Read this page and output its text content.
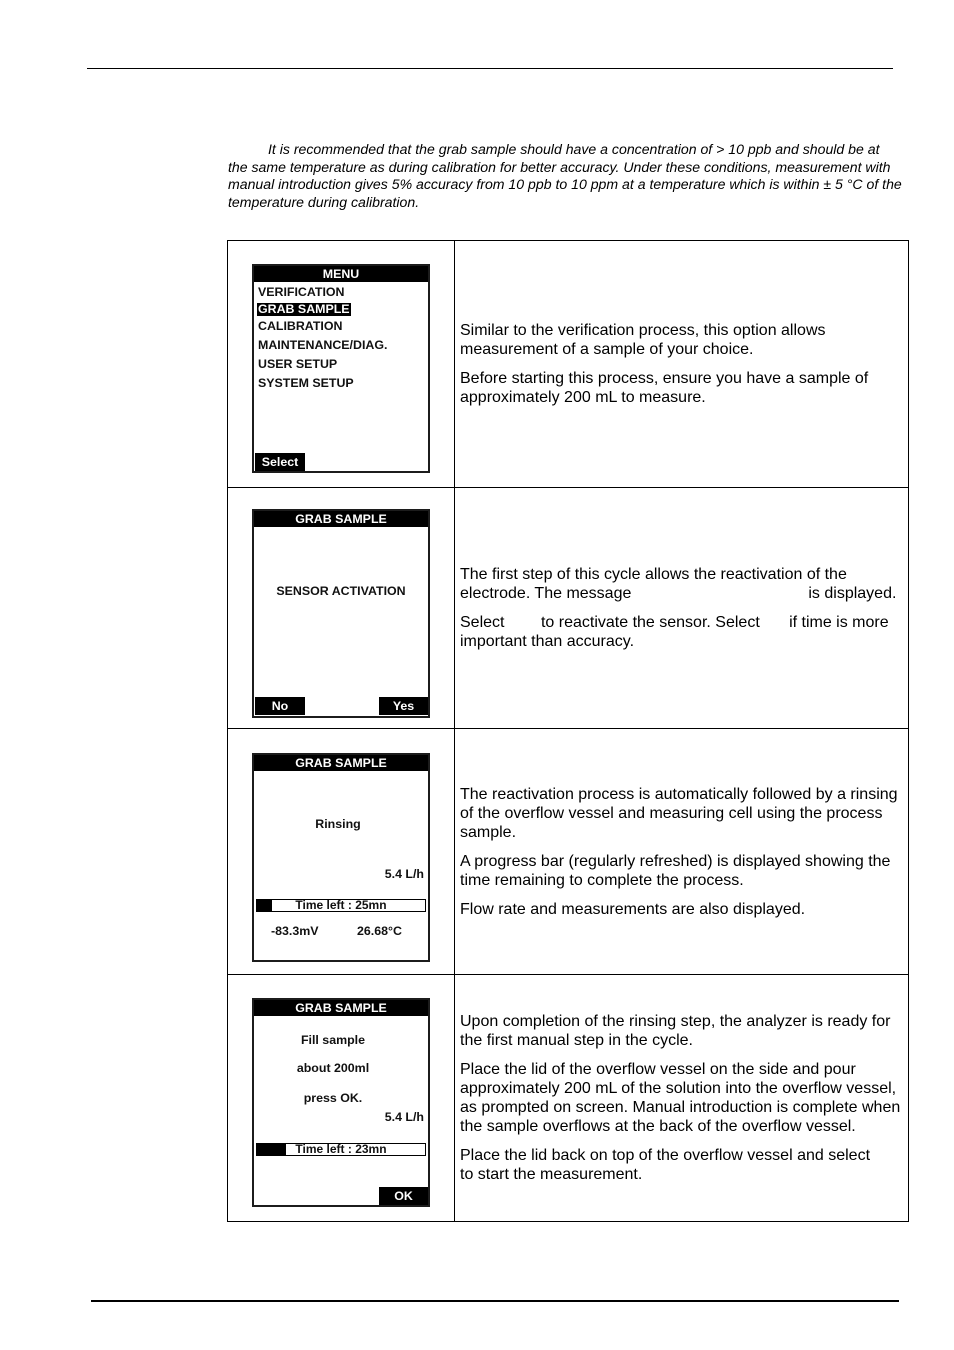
It is recommended that the grab sample should have a concentration of > 10 ppb and should be at
the same temperature as during calibration for better accuracy. Under these conditions, measurement with
manual introduction gives 5% accuracy from 10 ppb to 10 ppm at a temperature which is within ± 5 °C of the
temperature during calibration.
MENU
VERIFICATION
GRAB SAMPLE
CALIBRATION
MAINTENANCE/DIAG.
USER SETUP
SYSTEM SETUP
Select

Similar to the verification process, this option allows
measurement of a sample of your choice.

Before starting this process, ensure you have a sample of
approximately 200 mL to measure.

GRAB SAMPLE
SENSOR ACTIVATION
No	Yes

The first step of this cycle allows the reactivation of the
electrode. The message	is displayed.

Select to reactivate the sensor. Select if time is more
important than accuracy.

GRAB SAMPLE
Rinsing
5.4 L/h
Time left : 25mn
-83.3mV	26.68°C

The reactivation process is automatically followed by a rinsing
of the overflow vessel and measuring cell using the process
sample.

A progress bar (regularly refreshed) is displayed showing the
time remaining to complete the process.

Flow rate and measurements are also displayed.

GRAB SAMPLE
Fill sample
about 200ml
press OK.
5.4 L/h
Time left : 23mn
OK

Upon completion of the rinsing step, the analyzer is ready for
the first manual step in the cycle.

Place the lid of the overflow vessel on the side and pour
approximately 200 mL of the solution into the overflow vessel,
as prompted on screen. Manual introduction is complete when
the sample overflows at the back of the overflow vessel.

Place the lid back on top of the overflow vessel and select
to start the measurement.
